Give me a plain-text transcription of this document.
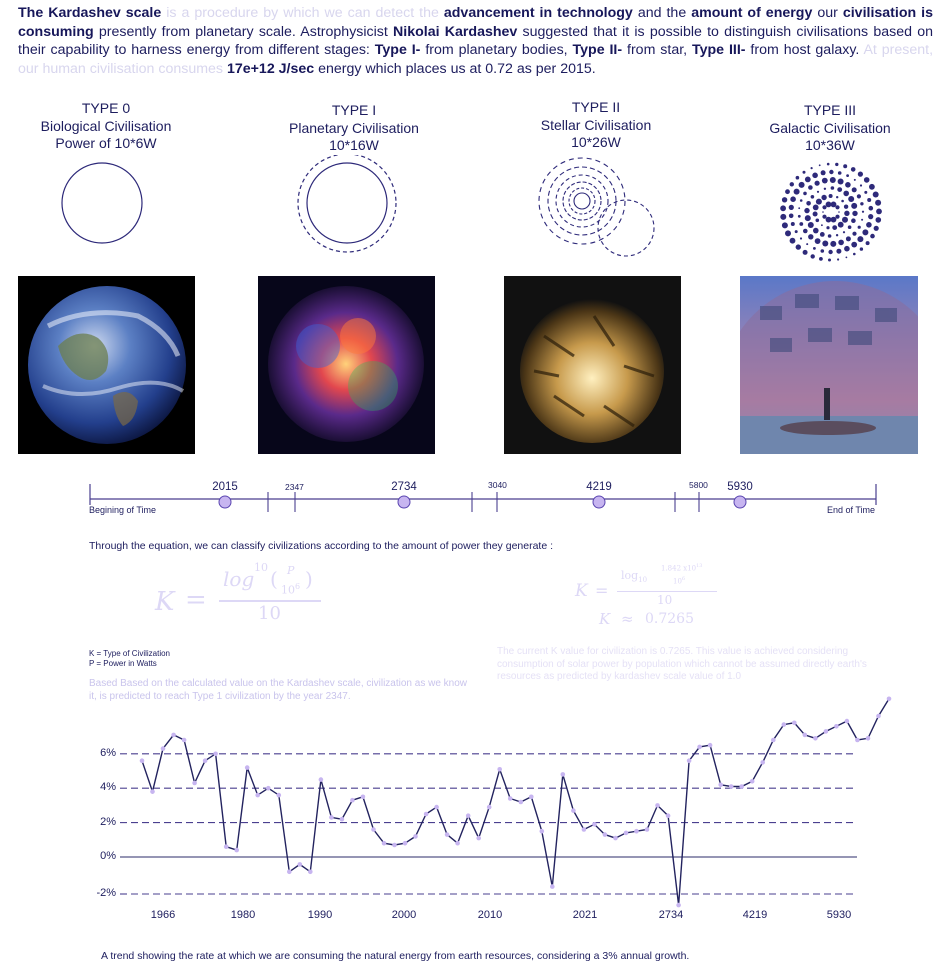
The Kardashev scale is a procedure by which we can detect the advancement in technology and the amount of energy our civilisation is consuming presently from planetary scale. Astrophysicist Nikolai Kardashev suggested that it is possible to distinguish civilisations based on their capability to harness energy from different stages: Type I- from planetary bodies, Type II- from star, Type III- from host galaxy. At present, our human civilisation consumes 17e+12 J/sec energy which places us at 0.72 as per 2015.
TYPE 0
Biological Civilisation
Power of 10*6W
TYPE I
Planetary Civilisation
10*16W
TYPE II
Stellar Civilisation
10*26W
TYPE III
Galactic Civilisation
10*36W
2015	2734	4219	5930
2347	3040	5800
Begining of Time	End of Time
Through the equation, we can classify civilizations according to the amount of power they generate :
K =
log 10 ( P
$10^6$ )
10
K =
$\log_{10}$
1.842 $x10^{13}$
$10^6$
10
K ≈ 0.7265
K = Type of Civilization
P = Power in Watts
Based Based on the calculated value on the Kardashev scale, civilization as we know it, is predicted to reach Type 1 civilization by the year 2347.
The current K value for civilization is 0.7265. This value is achieved considering consumption of solar power by population which cannot be assumed directly earth's resources as predicted by kardashev scale value of 1.0
6%
4%
2%
0%
-2%
1966	1980	1990	2000	2010	2021	2734	4219	5930
A trend showing the rate at which we are consuming the natural energy from earth resources, considering a 3% annual growth.
